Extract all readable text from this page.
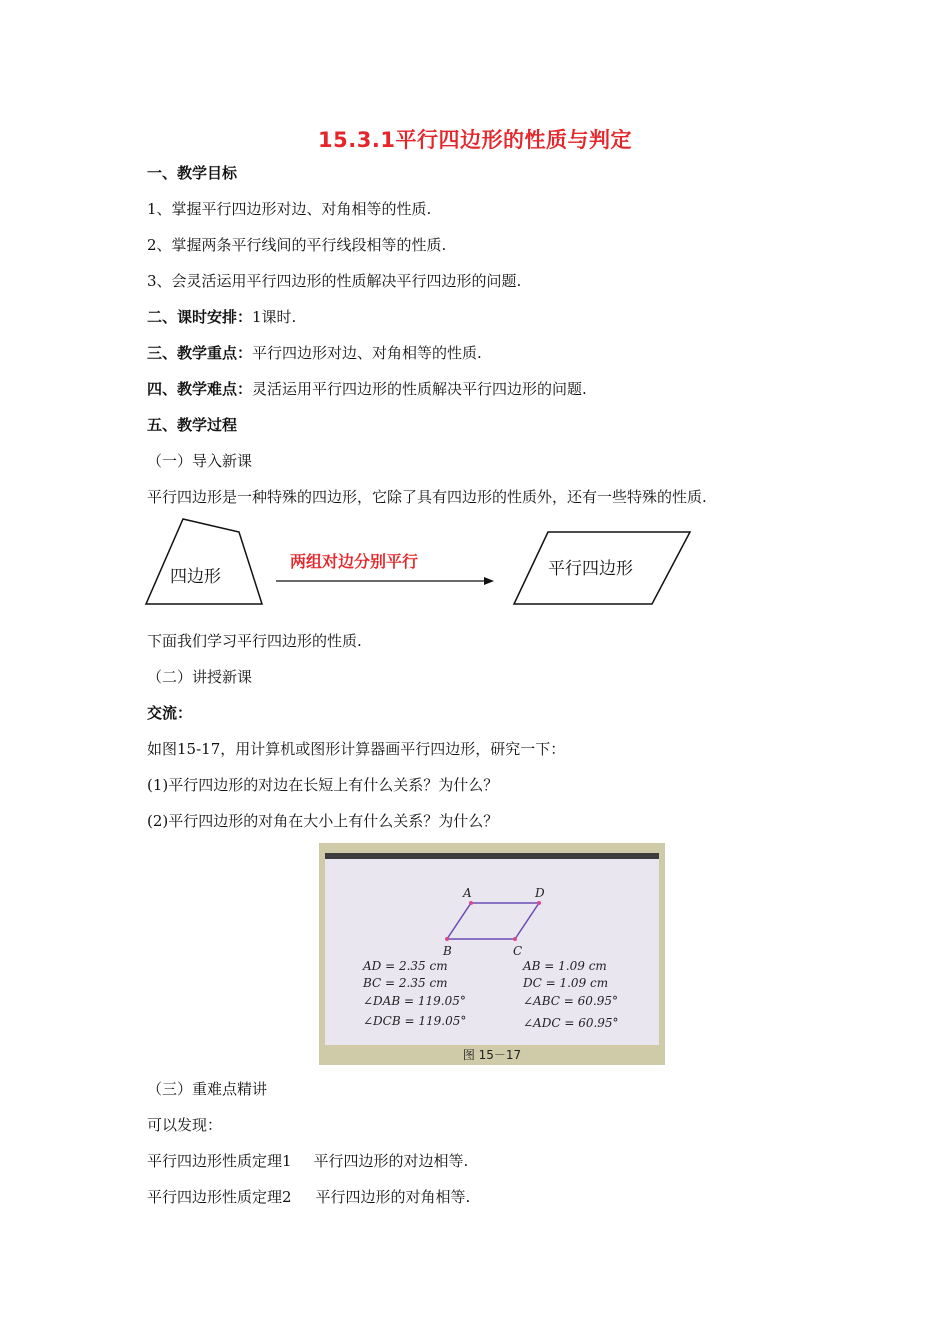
15.3.1平行四边形的性质与判定
一、教学目标
1、掌握平行四边形对边、对角相等的性质.
2、掌握两条平行线间的平行线段相等的性质.
3、会灵活运用平行四边形的性质解决平行四边形的问题.
二、课时安排：1课时.
三、教学重点：平行四边形对边、对角相等的性质.
四、教学难点：灵活运用平行四边形的性质解决平行四边形的问题.
五、教学过程
（一）导入新课
平行四边形是一种特殊的四边形，它除了具有四边形的性质外，还有一些特殊的性质.
四边形
两组对边分别平行	平行四边形
下面我们学习平行四边形的性质.
（二）讲授新课
交流：
如图15-17，用计算机或图形计算器画平行四边形，研究一下：
(1)平行四边形的对边在长短上有什么关系？为什么？
(2)平行四边形的对角在大小上有什么关系？为什么？
A	D
B	C
AD = 2.35 cm
BC = 2.35 cm
∠DAB = 119.05°
∠DCB = 119.05°
AB = 1.09 cm
DC = 1.09 cm
∠ABC = 60.95°
∠ADC = 60.95°
图 15－17
（三）重难点精讲
可以发现：
平行四边形性质定理1 平行四边形的对边相等.
平行四边形性质定理2 平行四边形的对角相等.
